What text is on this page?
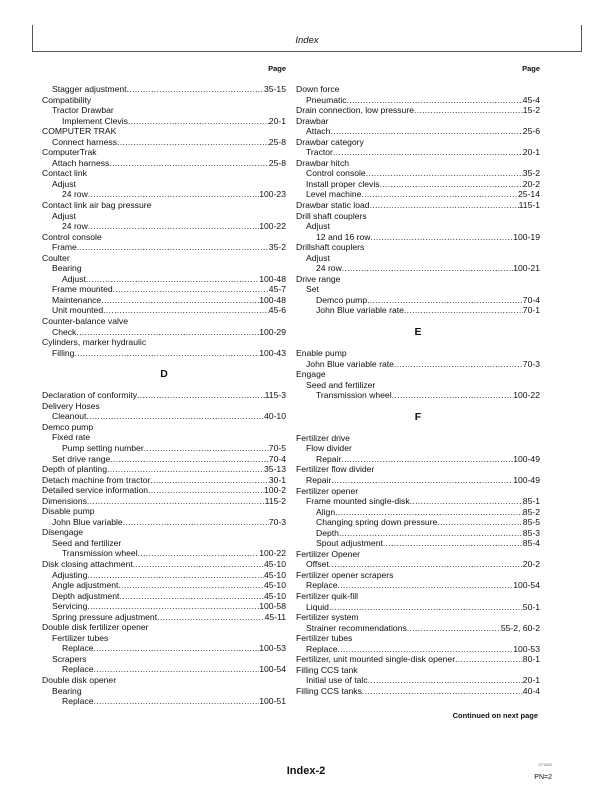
Index
Page
Stagger adjustment .....	35-15
Compatibility
Tractor Drawbar
Implement Clevis .....	20-1
COMPUTER TRAK
Connect harness .....	25-8
ComputerTrak
Attach harness .....	25-8
Contact link
Adjust
24 row .....	100-23
Contact link air bag pressure
Adjust
24 row .....	100-22
Control console
Frame .....	35-2
Coulter
Bearing
Adjust .....	100-48
Frame mounted .....	45-7
Maintenance .....	100-48
Unit mounted .....	45-6
Counter-balance valve
Check .....	100-29
Cylinders, marker hydraulic
Filling .....	100-43
D
Declaration of conformity .....	115-3
Delivery Hoses
Cleanout .....	40-10
Demco pump
Fixed rate
Pump setting number .....	70-5
Set drive range .....	70-4
Depth of planting .....	35-13
Detach machine from tractor .....	30-1
Detailed service information .....	100-2
Dimensions .....	115-2
Disable pump
John Blue variable .....	70-3
Disengage
Seed and fertilizer
Transmission wheel .....	100-22
Disk closing attachment .....	45-10
Adjusting .....	45-10
Angle adjustment .....	45-10
Depth adjustment .....	45-10
Servicing .....	100-58
Spring pressure adjustment .....	45-11
Double disk fertilizer opener
Fertilizer tubes
Replace .....	100-53
Scrapers
Replace .....	100-54
Double disk opener
Bearing
Replace .....	100-51
Page
Down force
Pneumatic .....	45-4
Drain connection, low pressure .....	15-2
Drawbar
Attach .....	25-6
Drawbar category
Tractor .....	20-1
Drawbar hitch
Control console .....	35-2
Install proper clevis .....	20-2
Level machine .....	25-14
Drawbar static load .....	115-1
Drill shaft couplers
Adjust
12 and 16 row .....	100-19
Drillshaft couplers
Adjust
24 row .....	100-21
Drive range
Set
Demco pump .....	70-4
John Blue variable rate .....	70-1
E
Enable pump
John Blue variable rate .....	70-3
Engage
Seed and fertilizer
Transmission wheel .....	100-22
F
Fertilizer drive
Flow divider
Repair .....	100-49
Fertilizer flow divider
Repair .....	100-49
Fertilizer opener
Frame mounted single-disk .....	85-1
Align .....	85-2
Changing spring down pressure .....	85-5
Depth .....	85-3
Spout adjustment .....	85-4
Fertilizer Opener
Offset .....	20-2
Fertilizer opener scrapers
Replace .....	100-54
Fertilizer quik-fill
Liquid .....	50-1
Fertilizer system
Strainer recommendations .....	55-2, 60-2
Fertilizer tubes
Replace .....	100-53
Fertilizer, unit mounted single-disk opener .....	80-1
Filling CCS tank
Initial use of talc .....	20-1
Filling CCS tanks .....	40-4
Continued on next page
Index-2
071820
PN=2
